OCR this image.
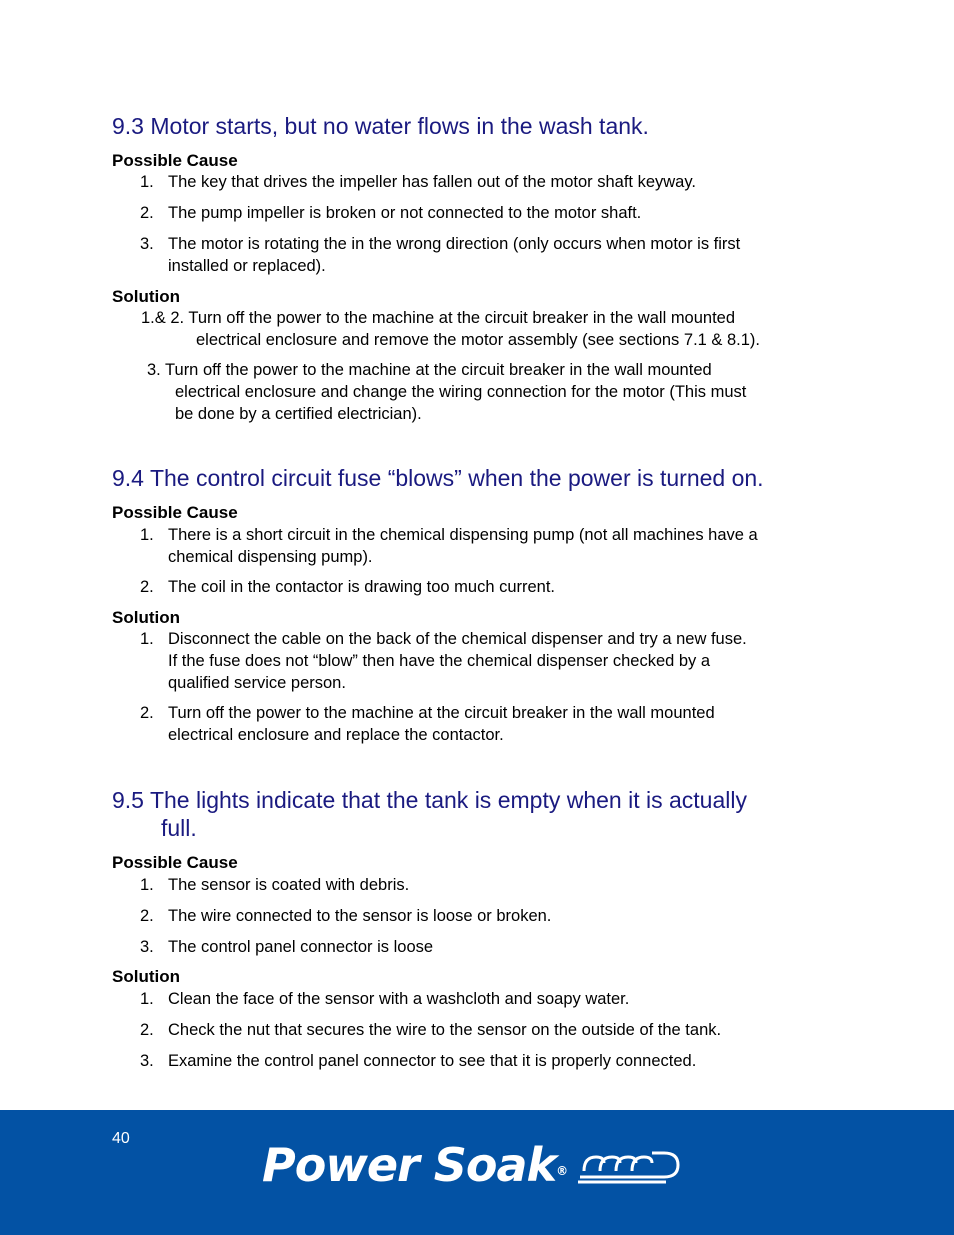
9.3 Motor starts, but no water flows in the wash tank.
Possible Cause
1. The key that drives the impeller has fallen out of the motor shaft keyway.
2. The pump impeller is broken or not connected to the motor shaft.
3. The motor is rotating the in the wrong direction (only occurs when motor is first
installed or replaced).
Solution
1.& 2. Turn off the power to the machine at the circuit breaker in the wall mounted
electrical enclosure and remove the motor assembly (see sections 7.1 & 8.1).
3. Turn off the power to the machine at the circuit breaker in the wall mounted
electrical enclosure and change the wiring connection for the motor (This must
be done by a certified electrician).
9.4 The control circuit fuse “blows” when the power is turned on.
Possible Cause
1. There is a short circuit in the chemical dispensing pump (not all machines have a
chemical dispensing pump).
2. The coil in the contactor is drawing too much current.
Solution
1. Disconnect the cable on the back of the chemical dispenser and try a new fuse.
If the fuse does not “blow” then have the chemical dispenser checked by a
qualified service person.
2. Turn off the power to the machine at the circuit breaker in the wall mounted
electrical enclosure and replace the contactor.
9.5 The lights indicate that the tank is empty when it is actually
full.
Possible Cause
1. The sensor is coated with debris.
2. The wire connected to the sensor is loose or broken.
3. The control panel connector is loose
Solution
1. Clean the face of the sensor with a washcloth and soapy water.
2. Check the nut that secures the wire to the sensor on the outside of the tank.
3. Examine the control panel connector to see that it is properly connected.
40	Power Soak®
